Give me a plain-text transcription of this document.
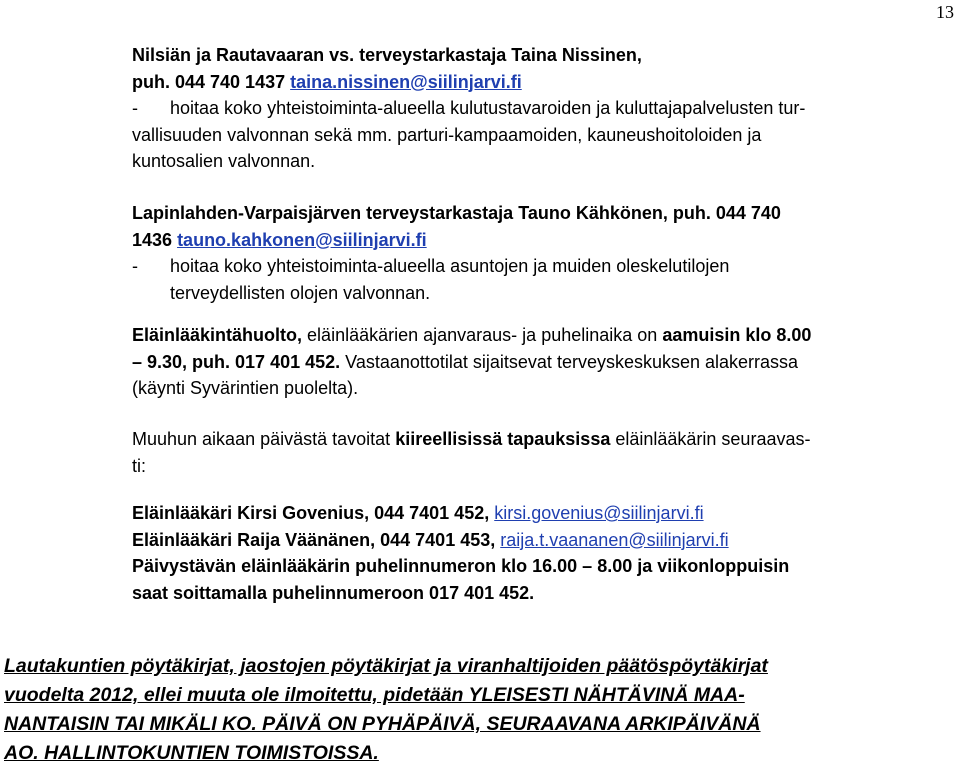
13
Nilsiän ja Rautavaaran vs. terveystarkastaja Taina Nissinen,
puh. 044 740 1437 taina.nissinen@siilinjarvi.fi
-	hoitaa koko yhteistoiminta-alueella kulutustavaroiden ja kuluttajapalvelusten tur-
vallisuuden valvonnan sekä mm. parturi-kampaamoiden, kauneushoitoloiden ja
kuntosalien valvonnan.
Lapinlahden-Varpaisjärven terveystarkastaja Tauno Kähkönen, puh. 044 740
1436 tauno.kahkonen@siilinjarvi.fi
-	hoitaa koko yhteistoiminta-alueella asuntojen ja muiden oleskelutilojen
terveydellisten olojen valvonnan.
Eläinlääkintähuolto, eläinlääkärien ajanvaraus- ja puhelinaika on aamuisin klo 8.00
– 9.30, puh. 017 401 452. Vastaanottotilat sijaitsevat terveyskeskuksen alakerrassa
(käynti Syvärintien puolelta).
Muuhun aikaan päivästä tavoitat kiireellisissä tapauksissa eläinlääkärin seuraavas-
ti:
Eläinlääkäri Kirsi Govenius, 044 7401 452, kirsi.govenius@siilinjarvi.fi
Eläinlääkäri Raija Väänänen, 044 7401 453, raija.t.vaananen@siilinjarvi.fi
Päivystävän eläinlääkärin puhelinnumeron klo 16.00 – 8.00 ja viikonloppuisin
saat soittamalla puhelinnumeroon 017 401 452.
Lautakuntien pöytäkirjat, jaostojen pöytäkirjat ja viranhaltijoiden päätöspöytäkirjat
vuodelta 2012, ellei muuta ole ilmoitettu, pidetään YLEISESTI NÄHTÄVINÄ MAA-
NANTAISIN TAI MIKÄLI KO. PÄIVÄ ON PYHÄPÄIVÄ, SEURAAVANA ARKIPÄIVÄNÄ
AO. HALLINTOKUNTIEN TOIMISTOISSA.
